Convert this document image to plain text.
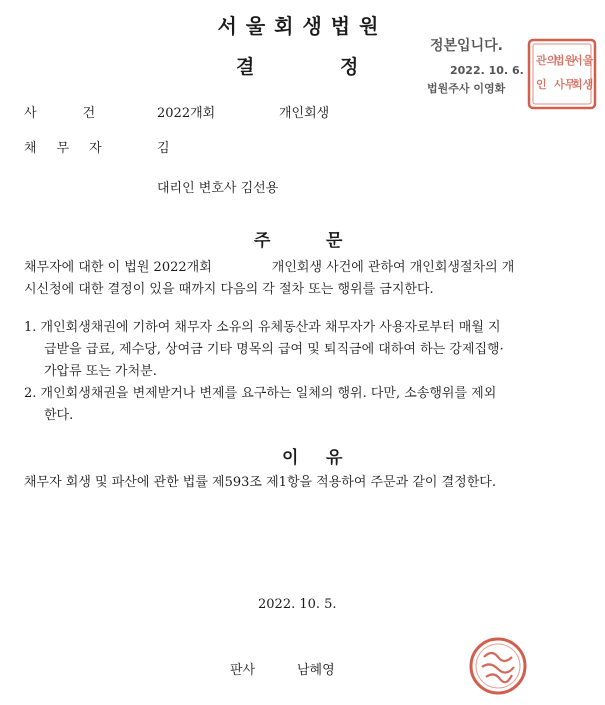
서울회생법원
결	정
정본입니다.
2022. 10. 6.
법원주사 이영화
서울
회생
법원
사무
관의
인
사	건	2022개회	개인회생
채 무 자	김
대리인 변호사 김선용
주	문
채무자에 대한 이 법원 2022개회	개인회생 사건에 관하여 개인회생절차의 개
시신청에 대한 결정이 있을 때까지 다음의 각 절차 또는 행위를 금지한다.
1. 개인회생채권에 기하여 채무자 소유의 유체동산과 채무자가 사용자로부터 매월 지
급받을 급료, 제수당, 상여금 기타 명목의 급여 및 퇴직금에 대하여 하는 강제집행·
가압류 또는 가처분.
2. 개인회생채권을 변제받거나 변제를 요구하는 일체의 행위. 다만, 소송행위를 제외
한다.
이 유
채무자 회생 및 파산에 관한 법률 제593조 제1항을 적용하여 주문과 같이 결정한다.
2022. 10. 5.
판사	남혜영
